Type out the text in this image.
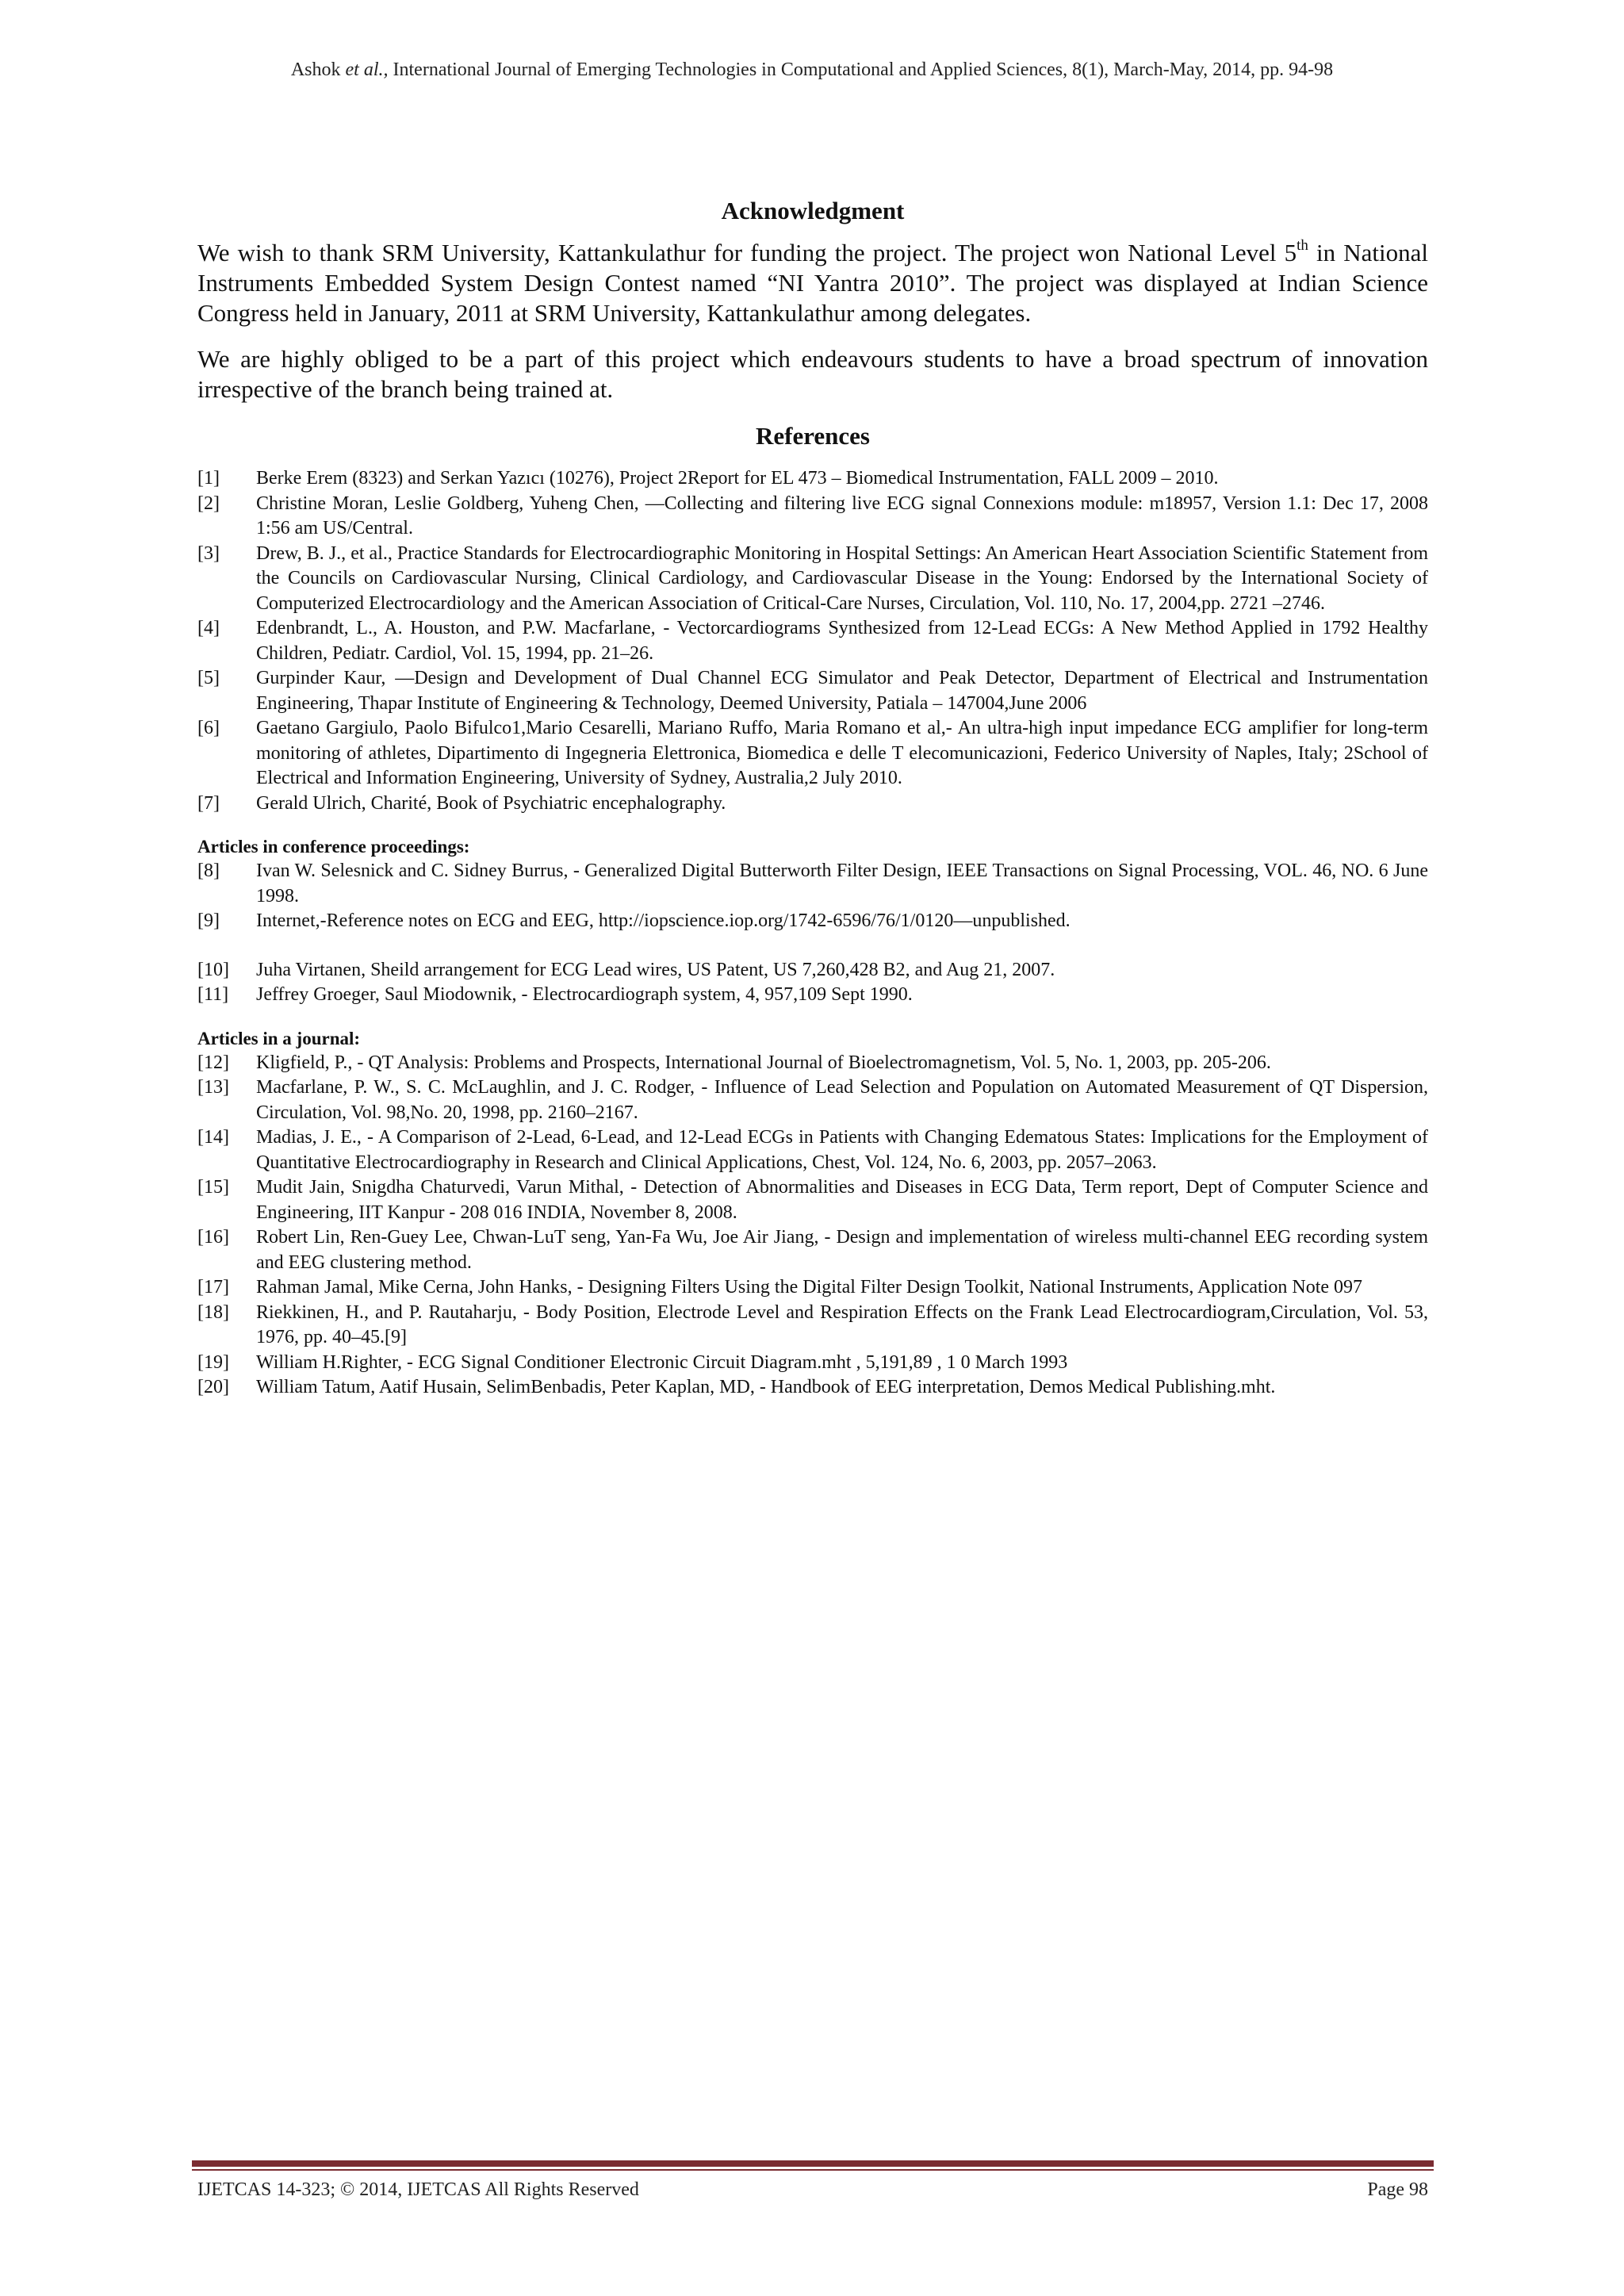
Ashok et al., International Journal of Emerging Technologies in Computational and Applied Sciences, 8(1), March-May, 2014, pp. 94-98
Acknowledgment

We wish to thank SRM University, Kattankulathur for funding the project. The project won National Level 5th in National Instruments Embedded System Design Contest named “NI Yantra 2010”. The project was displayed at Indian Science Congress held in January, 2011 at SRM University, Kattankulathur among delegates.

We are highly obliged to be a part of this project which endeavours students to have a broad spectrum of innovation irrespective of the branch being trained at.

References
[1] Berke Erem (8323) and Serkan Yazıcı (10276), Project 2Report for EL 473 – Biomedical Instrumentation, FALL 2009 – 2010.
[2] Christine Moran, Leslie Goldberg, Yuheng Chen, ―Collecting and filtering live ECG signal Connexions module: m18957, Version 1.1: Dec 17, 2008 1:56 am US/Central.
[3] Drew, B. J., et al., Practice Standards for Electrocardiographic Monitoring in Hospital Settings: An American Heart Association Scientific Statement from the Councils on Cardiovascular Nursing, Clinical Cardiology, and Cardiovascular Disease in the Young: Endorsed by the International Society of Computerized Electrocardiology and the American Association of Critical-Care Nurses, Circulation, Vol. 110, No. 17, 2004,pp. 2721 –2746.
[4] Edenbrandt, L., A. Houston, and P.W. Macfarlane, - Vectorcardiograms Synthesized from 12-Lead ECGs: A New Method Applied in 1792 Healthy Children, Pediatr. Cardiol, Vol. 15, 1994, pp. 21–26.
[5] Gurpinder Kaur, ―Design and Development of Dual Channel ECG Simulator and Peak Detector, Department of Electrical and Instrumentation Engineering, Thapar Institute of Engineering & Technology, Deemed University, Patiala – 147004,June 2006
[6] Gaetano Gargiulo, Paolo Bifulco1,Mario Cesarelli, Mariano Ruffo, Maria Romano et al,- An ultra-high input impedance ECG amplifier for long-term monitoring of athletes, Dipartimento di Ingegneria Elettronica, Biomedica e delle T elecomunicazioni, Federico University of Naples, Italy; 2School of Electrical and Information Engineering, University of Sydney, Australia,2 July 2010.
[7] Gerald Ulrich, Charité, Book of Psychiatric encephalography.
Articles in conference proceedings:
[8] Ivan W. Selesnick and C. Sidney Burrus, - Generalized Digital Butterworth Filter Design, IEEE Transactions on Signal Processing, VOL. 46, NO. 6 June 1998.
[9] Internet,-Reference notes on ECG and EEG, http://iopscience.iop.org/1742-6596/76/1/0120―unpublished.
[10] Juha Virtanen, Sheild arrangement for ECG Lead wires, US Patent, US 7,260,428 B2, and Aug 21, 2007.
[11] Jeffrey Groeger, Saul Miodownik, - Electrocardiograph system, 4, 957,109 Sept 1990.
Articles in a journal:
[12] Kligfield, P., - QT Analysis: Problems and Prospects, International Journal of Bioelectromagnetism, Vol. 5, No. 1, 2003, pp. 205-206.
[13] Macfarlane, P. W., S. C. McLaughlin, and J. C. Rodger, - Influence of Lead Selection and Population on Automated Measurement of QT Dispersion, Circulation, Vol. 98,No. 20, 1998, pp. 2160–2167.
[14] Madias, J. E., - A Comparison of 2-Lead, 6-Lead, and 12-Lead ECGs in Patients with Changing Edematous States: Implications for the Employment of Quantitative Electrocardiography in Research and Clinical Applications, Chest, Vol. 124, No. 6, 2003, pp. 2057–2063.
[15] Mudit Jain, Snigdha Chaturvedi, Varun Mithal, - Detection of Abnormalities and Diseases in ECG Data, Term report, Dept of Computer Science and Engineering, IIT Kanpur - 208 016 INDIA, November 8, 2008.
[16] Robert Lin, Ren-Guey Lee, Chwan-LuT seng, Yan-Fa Wu, Joe Air Jiang, - Design and implementation of wireless multi-channel EEG recording system and EEG clustering method.
[17] Rahman Jamal, Mike Cerna, John Hanks, - Designing Filters Using the Digital Filter Design Toolkit, National Instruments, Application Note 097
[18] Riekkinen, H., and P. Rautaharju, - Body Position, Electrode Level and Respiration Effects on the Frank Lead Electrocardiogram,Circulation, Vol. 53, 1976, pp. 40–45.[9]
[19] William H.Righter, - ECG Signal Conditioner Electronic Circuit Diagram.mht , 5,191,89 , 1 0 March 1993
[20] William Tatum, Aatif Husain, SelimBenbadis, Peter Kaplan, MD, - Handbook of EEG interpretation, Demos Medical Publishing.mht.
IJETCAS 14-323; © 2014, IJETCAS All Rights Reserved	Page 98
